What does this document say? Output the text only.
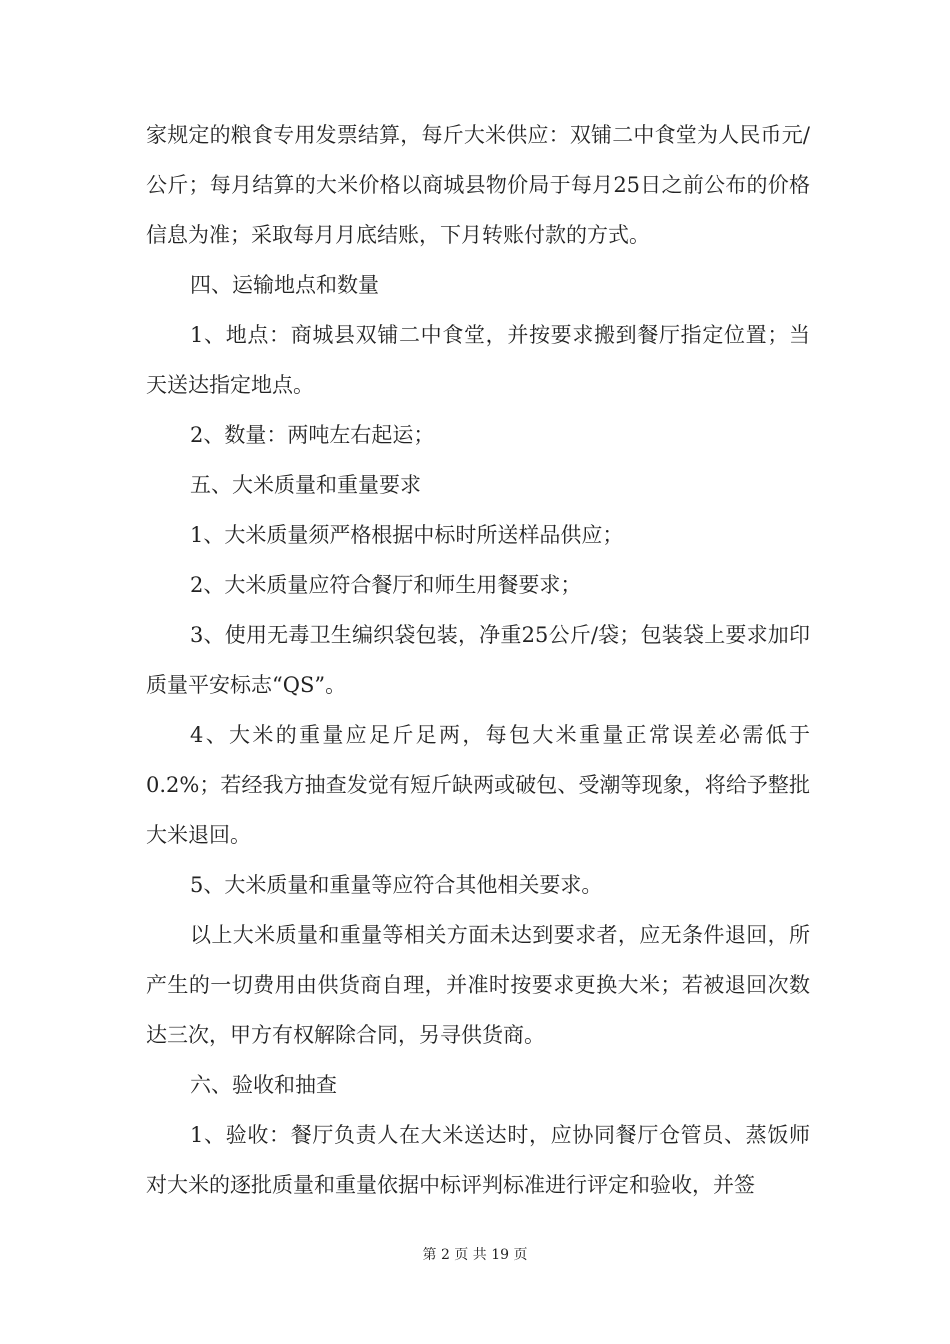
家规定的粮食专用发票结算，每斤大米供应：双铺二中食堂为人民币元/公斤；每月结算的大米价格以商城县物价局于每月25日之前公布的价格信息为准；采取每月月底结账，下月转账付款的方式。

四、运输地点和数量

1、地点：商城县双铺二中食堂，并按要求搬到餐厅指定位置；当天送达指定地点。

2、数量：两吨左右起运；

五、大米质量和重量要求

1、大米质量须严格根据中标时所送样品供应；

2、大米质量应符合餐厅和师生用餐要求；

3、使用无毒卫生编织袋包装，净重25公斤/袋；包装袋上要求加印质量平安标志“QS”。

4、大米的重量应足斤足两，每包大米重量正常误差必需低于0.2%；若经我方抽查发觉有短斤缺两或破包、受潮等现象，将给予整批大米退回。

5、大米质量和重量等应符合其他相关要求。

以上大米质量和重量等相关方面未达到要求者，应无条件退回，所产生的一切费用由供货商自理，并准时按要求更换大米；若被退回次数达三次，甲方有权解除合同，另寻供货商。

六、验收和抽查

1、验收：餐厅负责人在大米送达时，应协同餐厅仓管员、蒸饭师对大米的逐批质量和重量依据中标评判标准进行评定和验收，并签

第 2 页 共 19 页
